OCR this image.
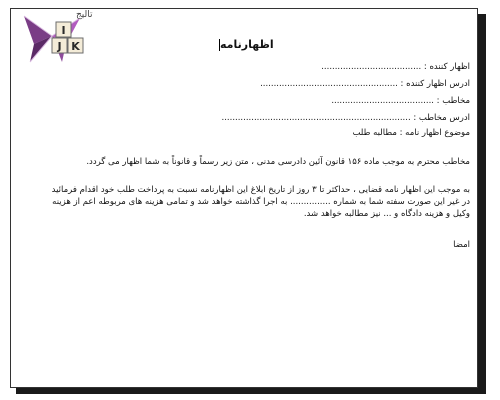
I
J K
تالیج
اظهارنامه
اظهار کننده : .....................................
ادرس اظهار کننده : ...................................................
مخاطب : ......................................
ادرس مخاطب : ......................................................................
موضوع اظهار نامه : مطالبه طلب
مخاطب محترم به موجب ماده ۱۵۶ قانون آئین دادرسی مدنی ، متن زیر رسماً و قانوناً به شما اظهار می گردد.
به موجب این اظهار نامه قضایی ، حداکثر تا ۳ روز از تاریخ ابلاغ این اظهارنامه نسبت به پرداخت طلب خود اقدام فرمائید در غیر این صورت سفته شما به شماره ............... به اجرا گذاشته خواهد شد و تمامی هزینه های مربوطه اعم از هزینه وکیل و هزینه دادگاه و ... نیز مطالبه خواهد شد.
امضا
